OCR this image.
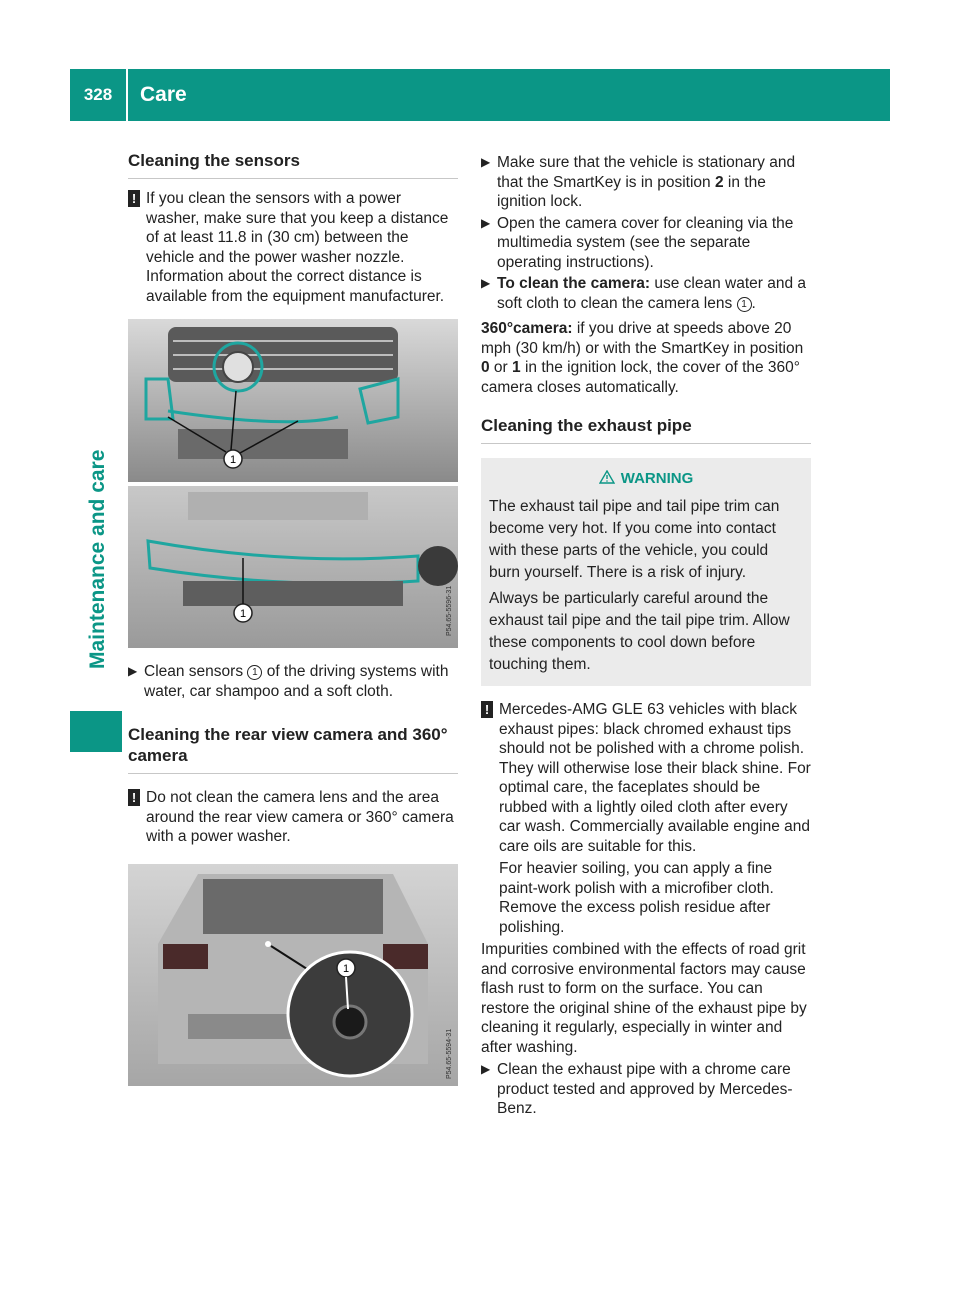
328	Care
Maintenance and care
Cleaning the sensors
! If you clean the sensors with a power washer, make sure that you keep a distance of at least 11.8 in (30 cm) between the vehicle and the power washer nozzle. Information about the correct distance is available from the equipment manufacturer.

1
1	P54.65-5596-31
▶ Clean sensors 1 of the driving systems with water, car shampoo and a soft cloth.
Cleaning the rear view camera and 360° camera
! Do not clean the camera lens and the area around the rear view camera or 360° camera with a power washer.

1
P54.65-5594-31
▶ Make sure that the vehicle is stationary and that the SmartKey is in position 2 in the ignition lock.
▶ Open the camera cover for cleaning via the multimedia system (see the separate operating instructions).
▶ To clean the camera: use clean water and a soft cloth to clean the camera lens 1 .

360°camera: if you drive at speeds above 20 mph (30 km/h) or with the SmartKey in position 0 or 1 in the ignition lock, the cover of the 360° camera closes automatically.

Cleaning the exhaust pipe
WARNING

The exhaust tail pipe and tail pipe trim can become very hot. If you come into contact with these parts of the vehicle, you could burn yourself. There is a risk of injury.

Always be particularly careful around the exhaust tail pipe and the tail pipe trim. Allow these components to cool down before touching them.

! Mercedes-AMG GLE 63 vehicles with black exhaust pipes: black chromed exhaust tips should not be polished with a chrome polish. They will otherwise lose their black shine. For optimal care, the faceplates should be rubbed with a lightly oiled cloth after every car wash. Commercially available engine and care oils are suitable for this.

For heavier soiling, you can apply a fine paint-work polish with a microfiber cloth. Remove the excess polish residue after polishing.

Impurities combined with the effects of road grit and corrosive environmental factors may cause flash rust to form on the surface. You can restore the original shine of the exhaust pipe by cleaning it regularly, especially in winter and after washing.

▶ Clean the exhaust pipe with a chrome care product tested and approved by Mercedes-Benz.
